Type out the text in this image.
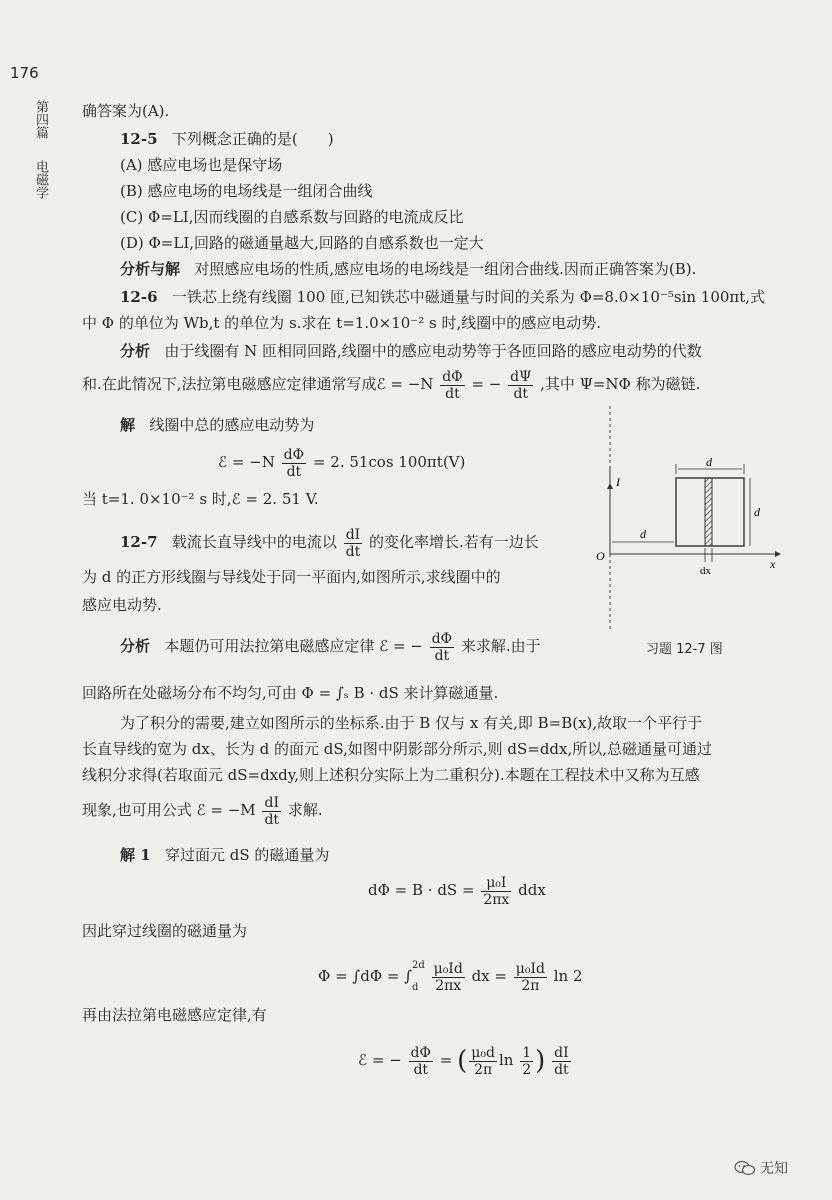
176
第四篇
电磁学
确答案为(A).
12-5 下列概念正确的是(　　)
(A) 感应电场也是保守场
(B) 感应电场的电场线是一组闭合曲线
(C) Φ=LI,因而线圈的自感系数与回路的电流成反比
(D) Φ=LI,回路的磁通量越大,回路的自感系数也一定大
分析与解 对照感应电场的性质,感应电场的电场线是一组闭合曲线.因而正确答案为(B).
12-6 一铁芯上绕有线圈 100 匝,已知铁芯中磁通量与时间的关系为 Φ=8.0×10⁻⁵sin 100πt,式
中 Φ 的单位为 Wb,t 的单位为 s.求在 t=1.0×10⁻² s 时,线圈中的感应电动势.
分析 由于线圈有 N 匝相同回路,线圈中的感应电动势等于各匝回路的感应电动势的代数
和.在此情况下,法拉第电磁感应定律通常写成ℰ = $-N \frac{d\Phi}{dt}$ = − $\frac{d\Psi}{dt}$ ,其中 Ψ=NΦ 称为磁链.
解 线圈中总的感应电动势为
ℰ = $-N \frac{d\Phi}{dt} = 2$. 51cos 100πt(V)
当 t=1. 0×10⁻² s 时,ℰ = 2. 51 V.
12-7 载流长直导线中的电流以 $\frac{dI}{dt}$ 的变化率增长.若有一边长
为 d 的正方形线圈与导线处于同一平面内,如图所示,求线圈中的
感应电动势.
分析 本题仍可用法拉第电磁感应定律 ℰ = − $\frac{d\Phi}{dt}$ 来求解.由于
回路所在处磁场分布不均匀,可由 Φ = ∫ₛ B · dS 来计算磁通量.
为了积分的需要,建立如图所示的坐标系.由于 B 仅与 x 有关,即 B=B(x),故取一个平行于
长直导线的宽为 dx、长为 d 的面元 dS,如图中阴影部分所示,则 dS=ddx,所以,总磁通量可通过
线积分求得(若取面元 dS=dxdy,则上述积分实际上为二重积分).本题在工程技术中又称为互感
现象,也可用公式 ℰ = $-M \frac{dI}{dt}$ 求解.
解 1 穿过面元 dS 的磁通量为
dΦ = B · dS = $\frac{\text{μ₀I}}{2\pi x}$ ddx
因此穿过线圈的磁通量为
Φ = ∫dΦ = ∫
2d
d
$\frac{\text{μ₀Id}}{2\pi x}$ dx = $\frac{\text{μ₀Id}}{2\pi}$ ln 2
再由法拉第电磁感应定律,有
ℰ = − $\frac{d\Phi}{dt}$ = ( $\frac{\text{μ₀d}}{2\pi}$ $\ln \frac{1}{2}$ ) $\frac{dI}{dt}$
I
O
x
d
d
d
dx
习题 12-7 图
无知
